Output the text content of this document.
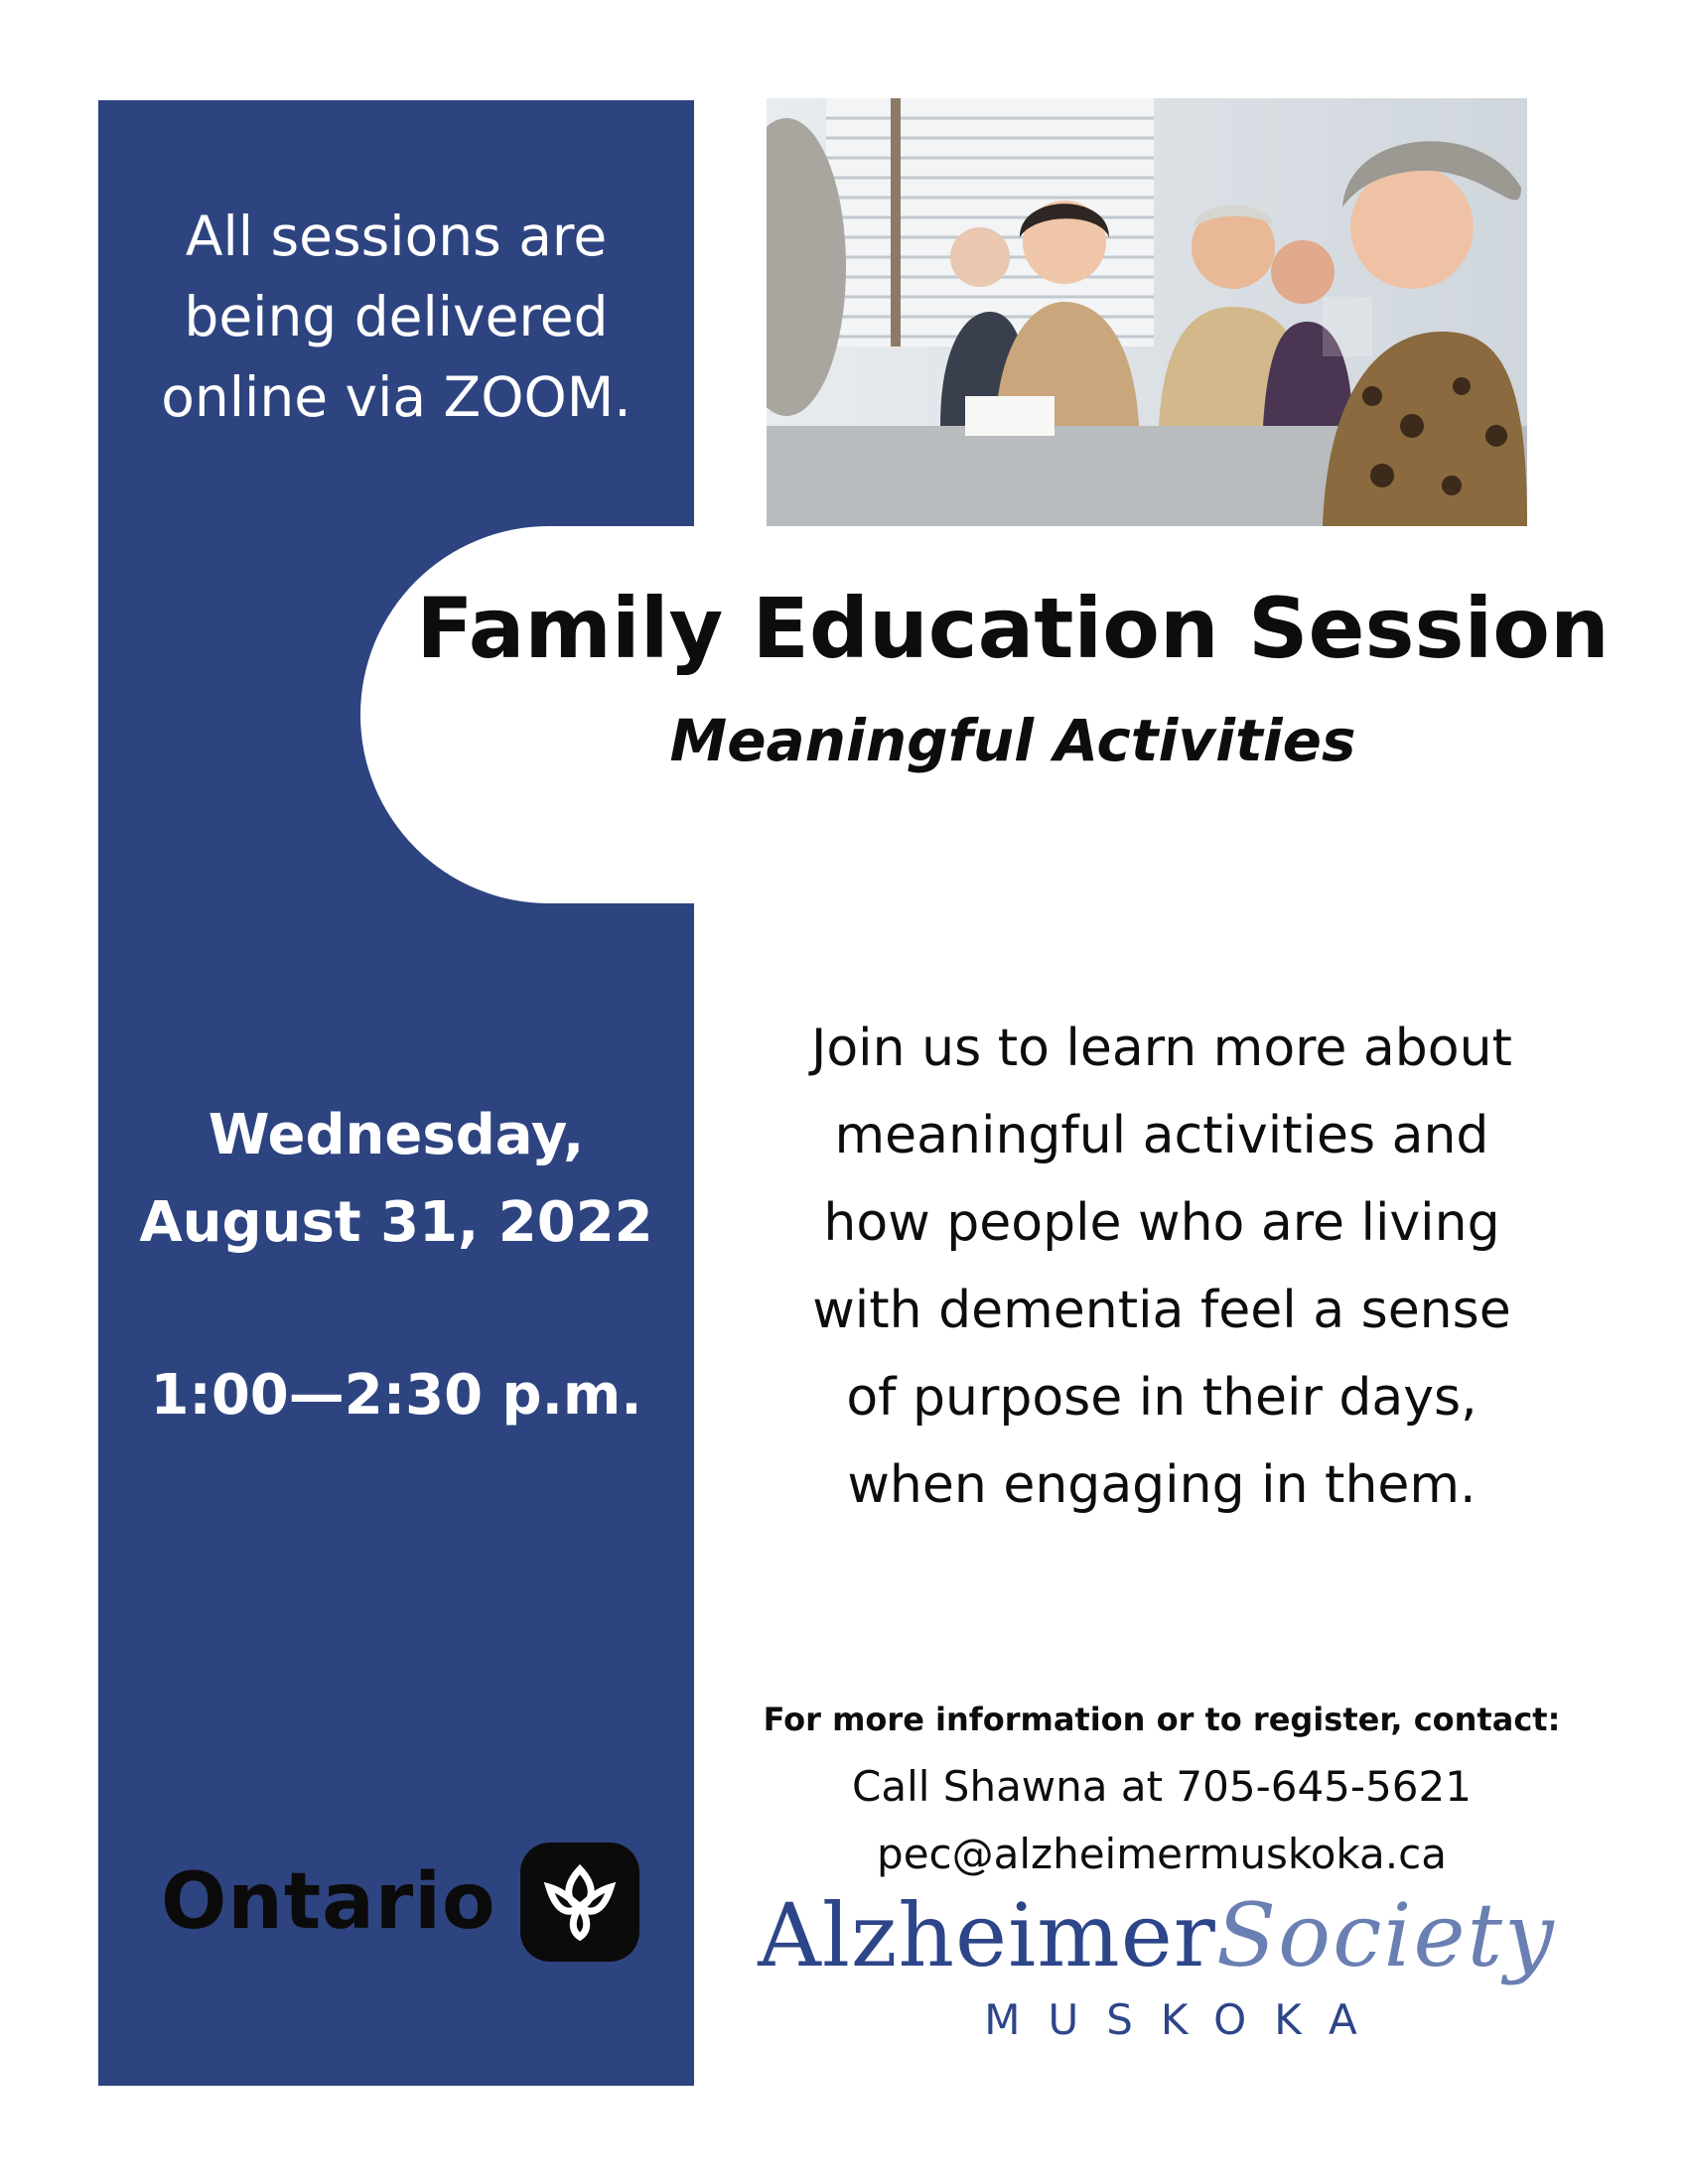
All sessions are
being delivered
online via ZOOM.
Wednesday,
August 31, 2022
1:00—2:30 p.m.
Ontario
Family Education Session
Meaningful Activities
Join us to learn more about
meaningful activities and
how people who are living
with dementia feel a sense
of purpose in their days,
when engaging in them.
For more information or to register, contact:
Call Shawna at 705-645-5621
pec@alzheimermuskoka.ca
AlzheimerSociety
MUSKOKA
